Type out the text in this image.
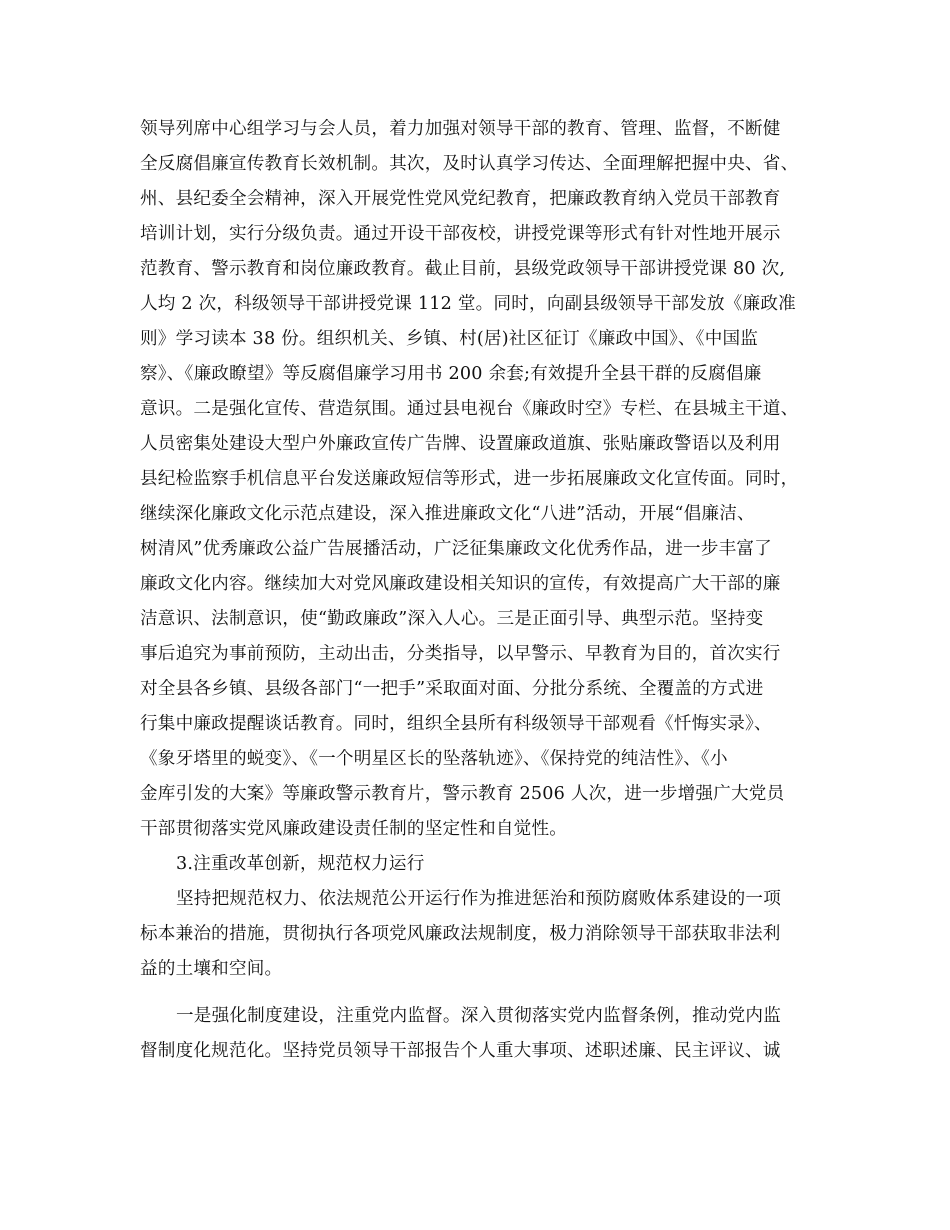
领导列席中心组学习与会人员，着力加强对领导干部的教育、管理、监督，不断健
全反腐倡廉宣传教育长效机制。其次，及时认真学习传达、全面理解把握中央、省、
州、县纪委全会精神，深入开展党性党风党纪教育，把廉政教育纳入党员干部教育
培训计划，实行分级负责。通过开设干部夜校，讲授党课等形式有针对性地开展示
范教育、警示教育和岗位廉政教育。截止目前，县级党政领导干部讲授党课 80 次,
人均 2 次，科级领导干部讲授党课 112 堂。同时，向副县级领导干部发放《廉政准
则》学习读本 38 份。组织机关、乡镇、村(居)社区征订《廉政中国》、《中国监
察》、《廉政瞭望》等反腐倡廉学习用书 200 余套;有效提升全县干群的反腐倡廉
意识。二是强化宣传、营造氛围。通过县电视台《廉政时空》专栏、在县城主干道、
人员密集处建设大型户外廉政宣传广告牌、设置廉政道旗、张贴廉政警语以及利用
县纪检监察手机信息平台发送廉政短信等形式，进一步拓展廉政文化宣传面。同时，
继续深化廉政文化示范点建设，深入推进廉政文化“八进”活动，开展“倡廉洁、
树清风”优秀廉政公益广告展播活动，广泛征集廉政文化优秀作品，进一步丰富了
廉政文化内容。继续加大对党风廉政建设相关知识的宣传，有效提高广大干部的廉
洁意识、法制意识，使“勤政廉政”深入人心。三是正面引导、典型示范。坚持变
事后追究为事前预防，主动出击，分类指导，以早警示、早教育为目的，首次实行
对全县各乡镇、县级各部门“一把手”采取面对面、分批分系统、全覆盖的方式进
行集中廉政提醒谈话教育。同时，组织全县所有科级领导干部观看《忏悔实录》、
《象牙塔里的蜕变》、《一个明星区长的坠落轨迹》、《保持党的纯洁性》、《小
金库引发的大案》等廉政警示教育片，警示教育 2506 人次，进一步增强广大党员
干部贯彻落实党风廉政建设责任制的坚定性和自觉性。
3.注重改革创新，规范权力运行
坚持把规范权力、依法规范公开运行作为推进惩治和预防腐败体系建设的一项
标本兼治的措施，贯彻执行各项党风廉政法规制度，极力消除领导干部获取非法利
益的土壤和空间。
一是强化制度建设，注重党内监督。深入贯彻落实党内监督条例，推动党内监
督制度化规范化。坚持党员领导干部报告个人重大事项、述职述廉、民主评议、诚
